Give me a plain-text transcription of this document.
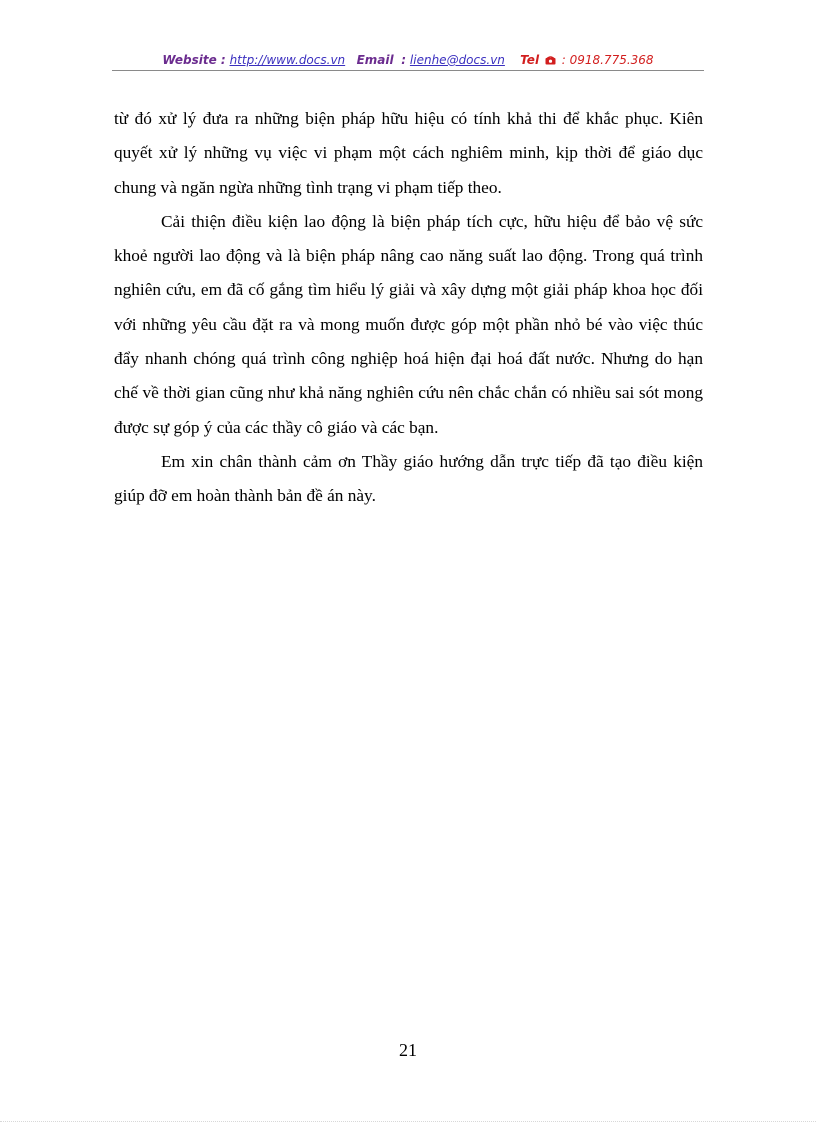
Website : http://www.docs.vn Email : lienhe@docs.vn Tel : 0918.775.368

từ đó xử lý đưa ra những biện pháp hữu hiệu có tính khả thi để khắc phục. Kiên quyết xử lý những vụ việc vi phạm một cách nghiêm minh, kịp thời để giáo dục chung và ngăn ngừa những tình trạng vi phạm tiếp theo.

Cải thiện điều kiện lao động là biện pháp tích cực, hữu hiệu để bảo vệ sức khoẻ người lao động và là biện pháp nâng cao năng suất lao động. Trong quá trình nghiên cứu, em đã cố gắng tìm hiểu lý giải và xây dựng một giải pháp khoa học đối với những yêu cầu đặt ra và mong muốn được góp một phần nhỏ bé vào việc thúc đẩy nhanh chóng quá trình công nghiệp hoá hiện đại hoá đất nước. Nhưng do hạn chế về thời gian cũng như khả năng nghiên cứu nên chắc chắn có nhiều sai sót mong được sự góp ý của các thầy cô giáo và các bạn.

Em xin chân thành cảm ơn Thầy giáo hướng dẫn trực tiếp đã tạo điều kiện giúp đỡ em hoàn thành bản đề án này.

21
